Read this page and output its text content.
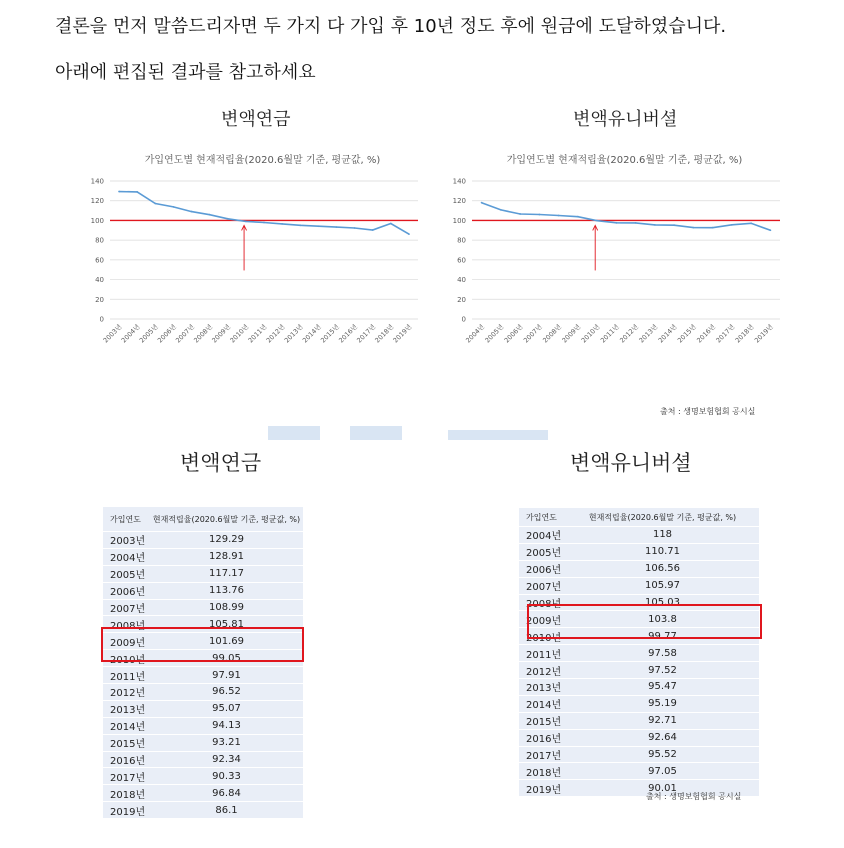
결론을 먼저 말씀드리자면 두 가지 다 가입 후 10년 정도 후에 원금에 도달하였습니다.
아래에 편집된 결과를 참고하세요
변액연금	변액유니버셜
가입연도별 현재적립율(2020.6월말 기준, 평균값, %)
0
20
40
60
80
100
120
140
2003년
2004년
2005년
2006년
2007년
2008년
2009년
2010년
2011년
2012년
2013년
2014년
2015년
2016년
2017년
2018년
2019년
가입연도별 현재적립율(2020.6월말 기준, 평균값, %)
0
20
40
60
80
100
120
140
2004년
2005년
2006년
2007년
2008년
2009년
2010년
2011년
2012년
2013년
2014년
2015년
2016년
2017년
2018년
2019년
출처 : 생명보험협회 공시실
변액연금	변액유니버셜
가입연도	현재적립율(2020.6월말 기준, 평균값, %)
2003년	129.29
2004년	128.91
2005년	117.17
2006년	113.76
2007년	108.99
2008년	105.81
2009년	101.69
2010년	99.05
2011년	97.91
2012년	96.52
2013년	95.07
2014년	94.13
2015년	93.21
2016년	92.34
2017년	90.33
2018년	96.84
2019년	86.1
가입연도	현재적립율(2020.6월말 기준, 평균값, %)
2004년	118
2005년	110.71
2006년	106.56
2007년	105.97
2008년	105.03
2009년	103.8
2010년	99.77
2011년	97.58
2012년	97.52
2013년	95.47
2014년	95.19
2015년	92.71
2016년	92.64
2017년	95.52
2018년	97.05
2019년	90.01
출처 : 생명보험협회 공시실
